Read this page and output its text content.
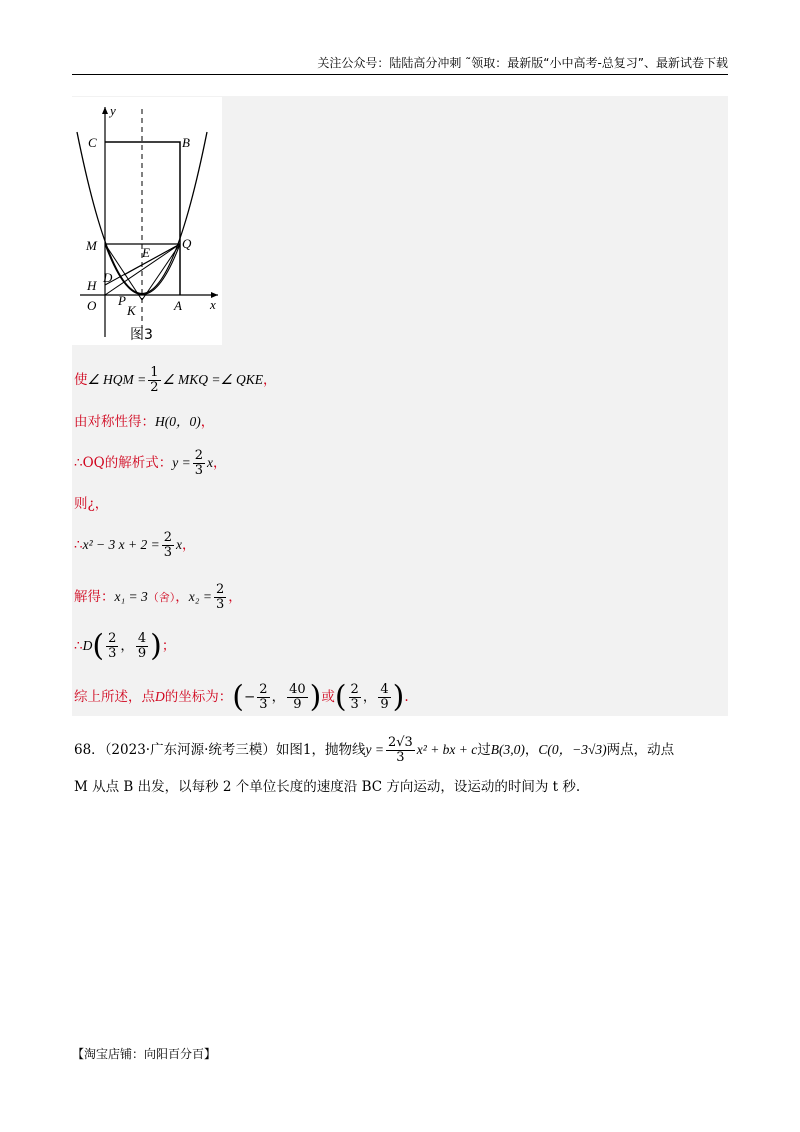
关注公众号：陆陆高分冲刺 ˜领取：最新版“小中高考-总复习”、最新试卷下载
y
x
C	B
M	E
Q
D
H
O P
K	A
图3
使∠ HQM = $\frac{1}{2}$ ∠ MKQ =∠ QKE，
由对称性得：H(0，0)，
∴OQ的解析式：$y = \frac{2}{3}$ x，
则¿，
∴x² − 3 $x + 2 = \frac{2}{3}$ x，
解得：x₁ = 3（舍），$x_2 = \frac{2}{3}$ ，
∴D( $\frac{2}{3}$ ， $\frac{4}{9}$ )；
综上所述，点D的坐标为：(− $\frac{2}{3}$ ， $\frac{40}{9}$ )或( $\frac{2}{3}$ ， $\frac{4}{9}$ ).
68．（2023·广东河源·统考三模）如图1，抛物线$y = \frac{2√3}{3} x^2$ + bx + c过B(3,0)，C(0，−3√3)两点，动点
M 从点 B 出发，以每秒 2 个单位长度的速度沿 BC 方向运动，设运动的时间为 t 秒.
【淘宝店铺：向阳百分百】
